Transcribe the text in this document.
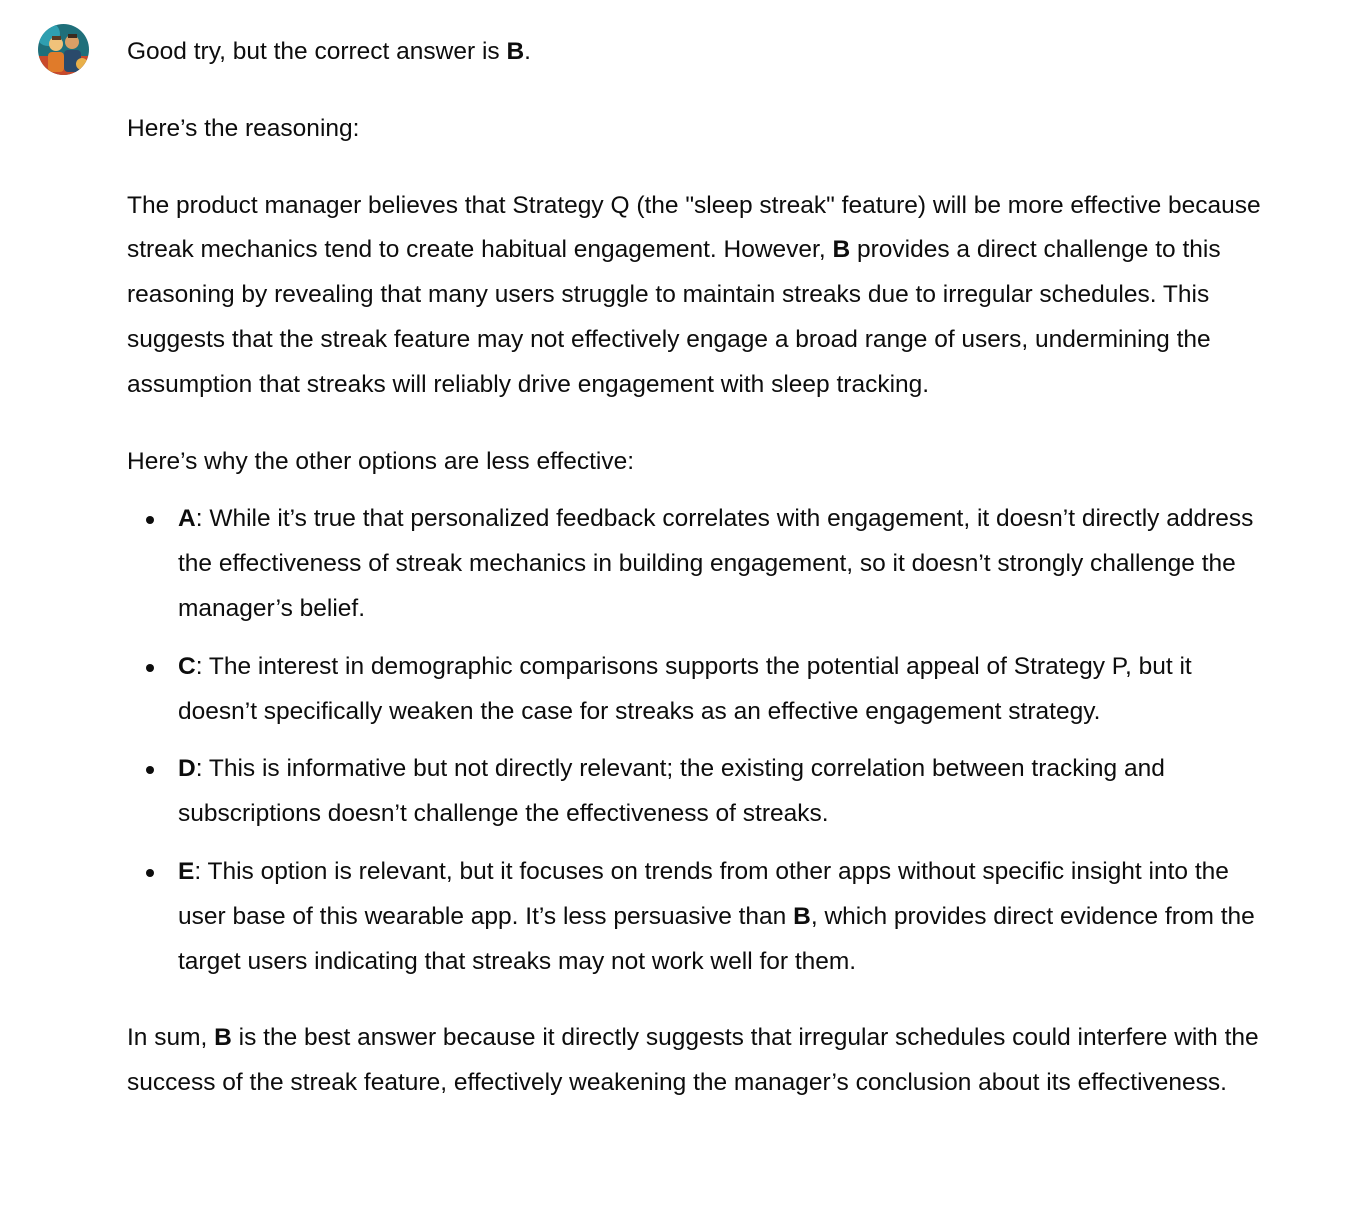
Good try, but the correct answer is B.

Here’s the reasoning:

The product manager believes that Strategy Q (the "sleep streak" feature) will be more effective because streak mechanics tend to create habitual engagement. However, B provides a direct challenge to this reasoning by revealing that many users struggle to maintain streaks due to irregular schedules. This suggests that the streak feature may not effectively engage a broad range of users, undermining the assumption that streaks will reliably drive engagement with sleep tracking.

Here’s why the other options are less effective:

A: While it’s true that personalized feedback correlates with engagement, it doesn’t directly address the effectiveness of streak mechanics in building engagement, so it doesn’t strongly challenge the manager’s belief.
C: The interest in demographic comparisons supports the potential appeal of Strategy P, but it doesn’t specifically weaken the case for streaks as an effective engagement strategy.
D: This is informative but not directly relevant; the existing correlation between tracking and subscriptions doesn’t challenge the effectiveness of streaks.
E: This option is relevant, but it focuses on trends from other apps without specific insight into the user base of this wearable app. It’s less persuasive than B, which provides direct evidence from the target users indicating that streaks may not work well for them.

In sum, B is the best answer because it directly suggests that irregular schedules could interfere with the success of the streak feature, effectively weakening the manager’s conclusion about its effectiveness.
